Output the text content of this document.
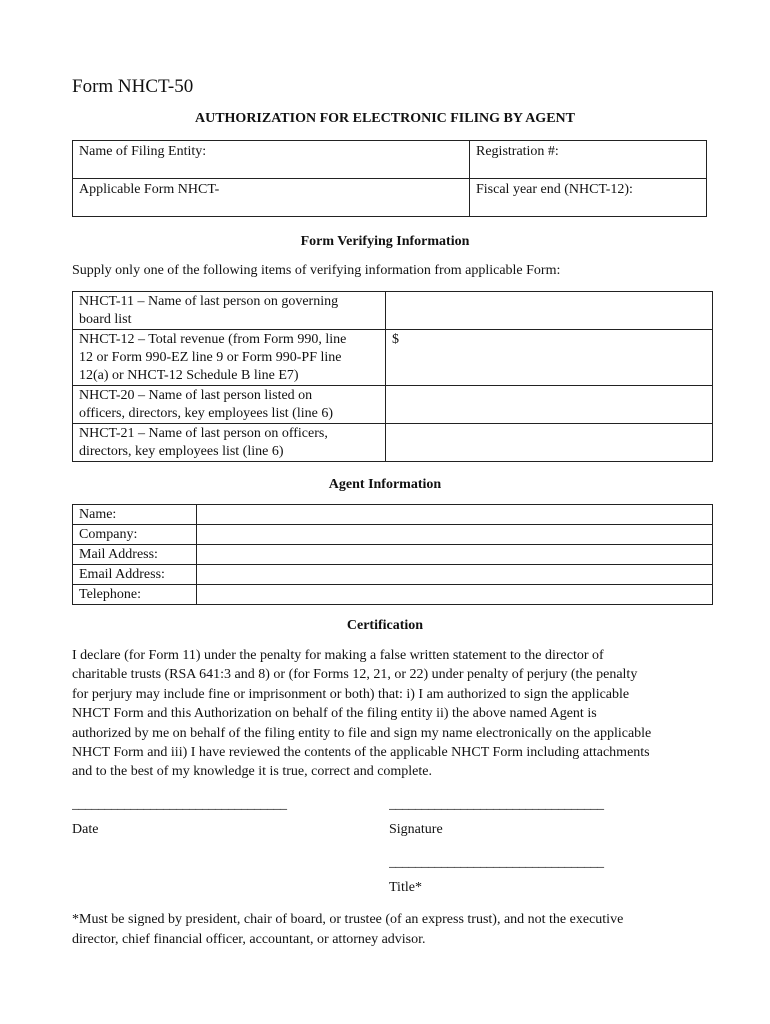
Form NHCT-50
AUTHORIZATION FOR ELECTRONIC FILING BY AGENT
Name of Filing Entity:	Registration #:
Applicable Form NHCT-	Fiscal year end (NHCT-12):
Form Verifying Information
Supply only one of the following items of verifying information from applicable Form:
NHCT-11 – Name of last person on governing
board list	

NHCT-12 – Total revenue (from Form 990, line
12 or Form 990-EZ line 9 or Form 990-PF line
12(a) or NHCT-12 Schedule B line E7)	$

NHCT-20 – Name of last person listed on
officers, directors, key employees list (line 6)	

NHCT-21 – Name of last person on officers,
directors, key employees list (line 6)	

Agent Information
Name:	
Company:	
Mail Address:	
Email Address:	
Telephone:	
Certification

I declare (for Form 11) under the penalty for making a false written statement to the director of

charitable trusts (RSA 641:3 and 8) or (for Forms 12, 21, or 22) under penalty of perjury (the penalty

for perjury may include fine or imprisonment or both) that: i) I am authorized to sign the applicable

NHCT Form and this Authorization on behalf of the filing entity ii) the above named Agent is

authorized by me on behalf of the filing entity to file and sign my name electronically on the applicable

NHCT Form and iii) I have reviewed the contents of the applicable NHCT Form including attachments

and to the best of my knowledge it is true, correct and complete.

_________________________________	_________________________________
Date	Signature
_________________________________
Title*

*Must be signed by president, chair of board, or trustee (of an express trust), and not the executive

director, chief financial officer, accountant, or attorney advisor.
